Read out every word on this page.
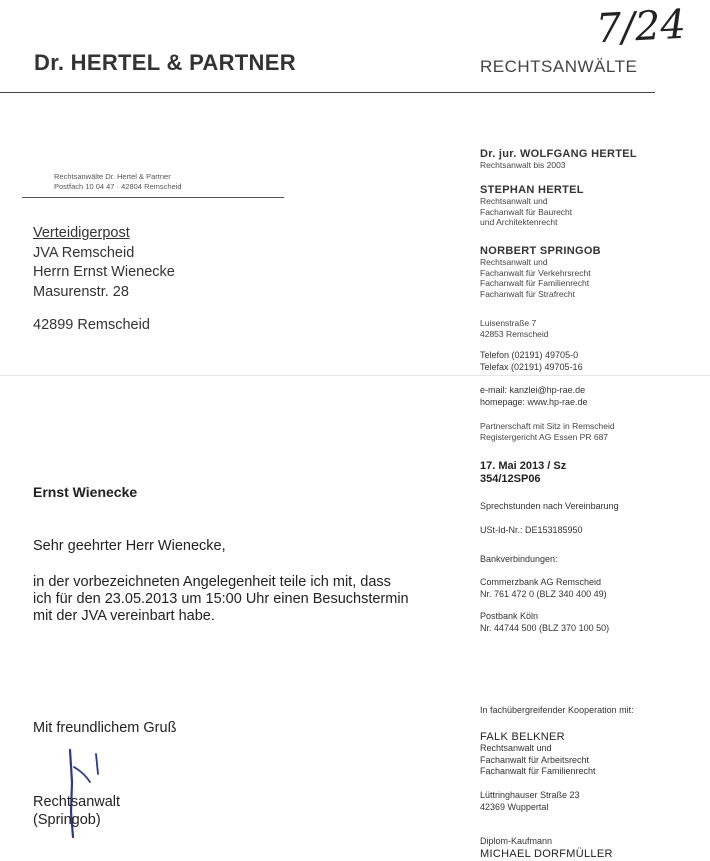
7/24
Dr. HERTEL & PARTNER	RECHTSANWÄLTE
Rechtsanwälte Dr. Hertel & Partner
Postfach 10 04 47 · 42804 Remscheid
Verteidigerpost
JVA Remscheid
Herrn Ernst Wienecke
Masurenstr. 28
42899 Remscheid
Ernst Wienecke
Sehr geehrter Herr Wienecke,
in der vorbezeichneten Angelegenheit teile ich mit, dass
ich für den 23.05.2013 um 15:00 Uhr einen Besuchstermin
mit der JVA vereinbart habe.
Mit freundlichem Gruß
Rechtsanwalt
(Springob)
Dr. jur. WOLFGANG HERTEL
Rechtsanwalt bis 2003
STEPHAN HERTEL
Rechtsanwalt und
Fachanwalt für Baurecht
und Architektenrecht
NORBERT SPRINGOB
Rechtsanwalt und
Fachanwalt für Verkehrsrecht
Fachanwalt für Familienrecht
Fachanwalt für Strafrecht
Luisenstraße 7
42853 Remscheid
Telefon (02191) 49705-0
Telefax (02191) 49705-16
e-mail: kanzlei@hp-rae.de
homepage: www.hp-rae.de
Partnerschaft mit Sitz in Remscheid
Registergericht AG Essen PR 687
17. Mai 2013 / Sz
354/12SP06
Sprechstunden nach Vereinbarung
USt-Id-Nr.: DE153185950
Bankverbindungen:
Commerzbank AG Remscheid
Nr. 761 472 0 (BLZ 340 400 49)
Postbank Köln
Nr. 44744 500 (BLZ 370 100 50)
In fachübergreifender Kooperation mit:
FALK BELKNER
Rechtsanwalt und
Fachanwalt für Arbeitsrecht
Fachanwalt für Familienrecht
Lüttringhauser Straße 23
42369 Wuppertal
Diplom-Kaufmann
MICHAEL DORFMÜLLER
